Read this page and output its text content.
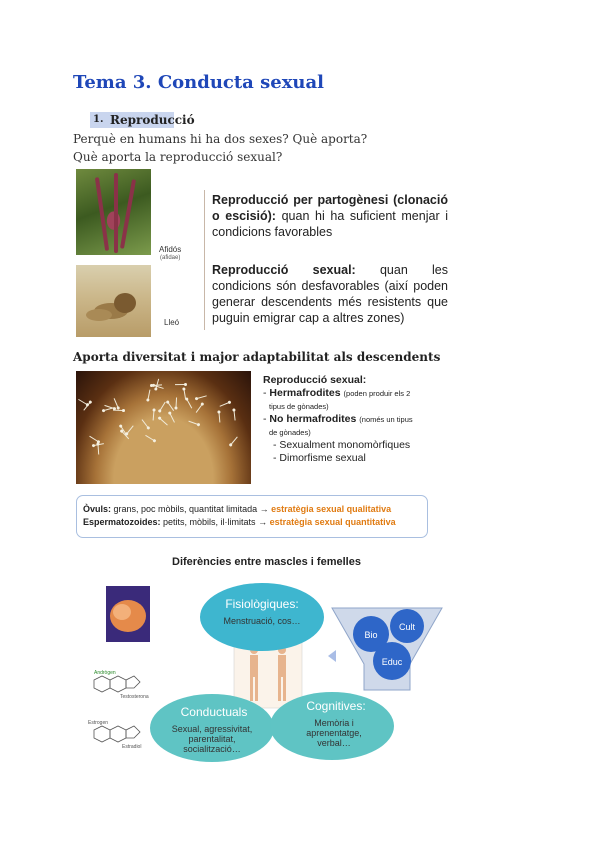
Tema 3. Conducta sexual
1. Reproducció
Perquè en humans hi ha dos sexes? Què aporta?
Què aporta la reproducció sexual?
Afidós
(afidae)
Lleó
Reproducció per partogènesi (clonació o escisió): quan hi ha suficient menjar i condicions favorables
Reproducció sexual: quan les condicions són desfavorables (així poden generar descendents més resistents que puguin emigrar cap a altres zones)
Aporta diversitat i major adaptabilitat als descendents
Reproducció sexual:
- Hermafrodites (poden produir els 2
tipus de gònades)
- No hermafrodites (només un tipus
de gònades)
- Sexualment monomòrfiques
- Dimorfisme sexual
Òvuls: grans, poc mòbils, quantitat limitada → estratègia sexual qualitativa
Espermatozoides: petits, mòbils, il·limitats → estratègia sexual quantitativa
Diferències entre mascles i femelles
Andrògen
Testosterona
Estrogen
Estradiol
Fisiològiques:
Menstruació, cos…
Conductuals
Sexual, agressivitat,
parentalitat,
socialització…
Cognitives:
Memòria i
aprenentatge,
verbal…
Bio
Cult
Educ
